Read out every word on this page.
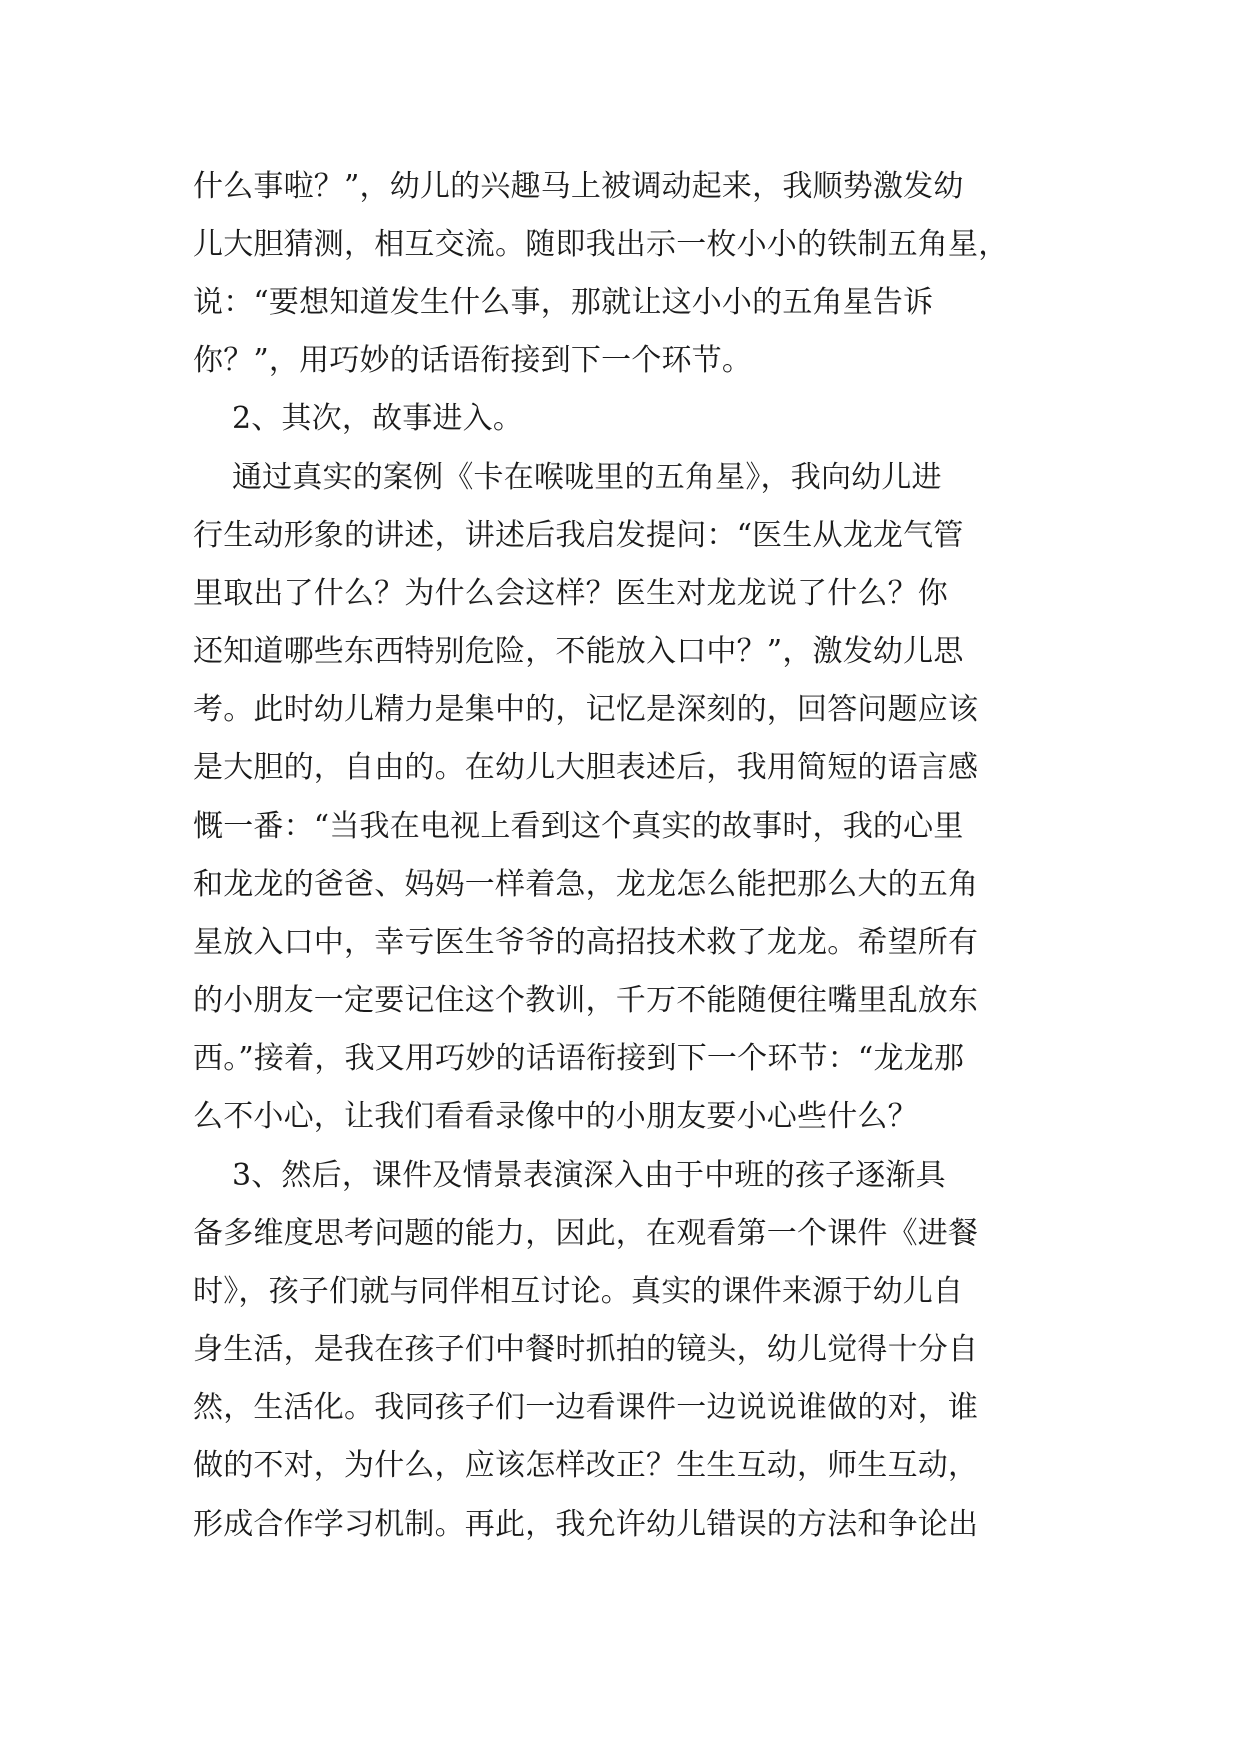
什么事啦？”，幼儿的兴趣马上被调动起来，我顺势激发幼
儿大胆猜测，相互交流。随即我出示一枚小小的铁制五角星，
说：“要想知道发生什么事，那就让这小小的五角星告诉
你？”，用巧妙的话语衔接到下一个环节。
2、其次，故事进入。
通过真实的案例《卡在喉咙里的五角星》，我向幼儿进
行生动形象的讲述，讲述后我启发提问：“医生从龙龙气管
里取出了什么？为什么会这样？医生对龙龙说了什么？你
还知道哪些东西特别危险，不能放入口中？”，激发幼儿思
考。此时幼儿精力是集中的，记忆是深刻的，回答问题应该
是大胆的，自由的。在幼儿大胆表述后，我用简短的语言感
慨一番：“当我在电视上看到这个真实的故事时，我的心里
和龙龙的爸爸、妈妈一样着急，龙龙怎么能把那么大的五角
星放入口中，幸亏医生爷爷的高招技术救了龙龙。希望所有
的小朋友一定要记住这个教训，千万不能随便往嘴里乱放东
西。”接着，我又用巧妙的话语衔接到下一个环节：“龙龙那
么不小心，让我们看看录像中的小朋友要小心些什么？
3、然后，课件及情景表演深入由于中班的孩子逐渐具
备多维度思考问题的能力，因此，在观看第一个课件《进餐
时》，孩子们就与同伴相互讨论。真实的课件来源于幼儿自
身生活，是我在孩子们中餐时抓拍的镜头，幼儿觉得十分自
然，生活化。我同孩子们一边看课件一边说说谁做的对，谁
做的不对，为什么，应该怎样改正？生生互动，师生互动，
形成合作学习机制。再此，我允许幼儿错误的方法和争论出
